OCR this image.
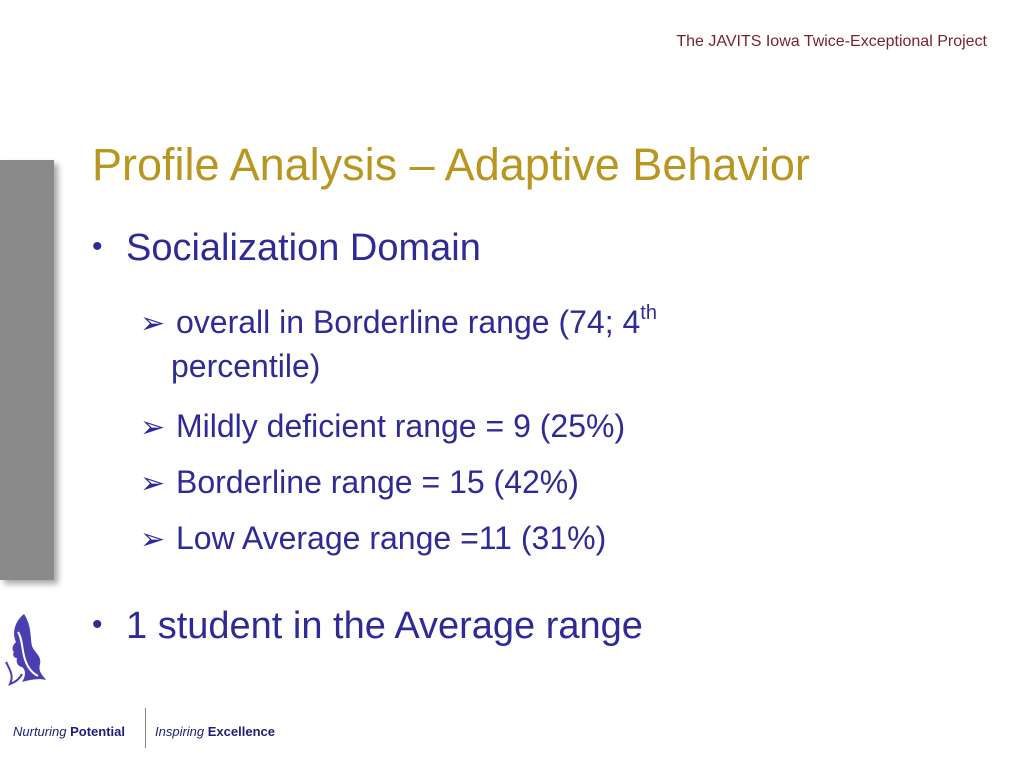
The JAVITS Iowa Twice-Exceptional Project
Profile Analysis – Adaptive Behavior
• Socialization Domain
➢ overall in Borderline range (74; 4th
percentile)
➢ Mildly deficient range = 9 (25%)
➢ Borderline range = 15 (42%)
➢ Low Average range =11 (31%)
• 1 student in the Average range
Nurturing Potential Inspiring Excellence
